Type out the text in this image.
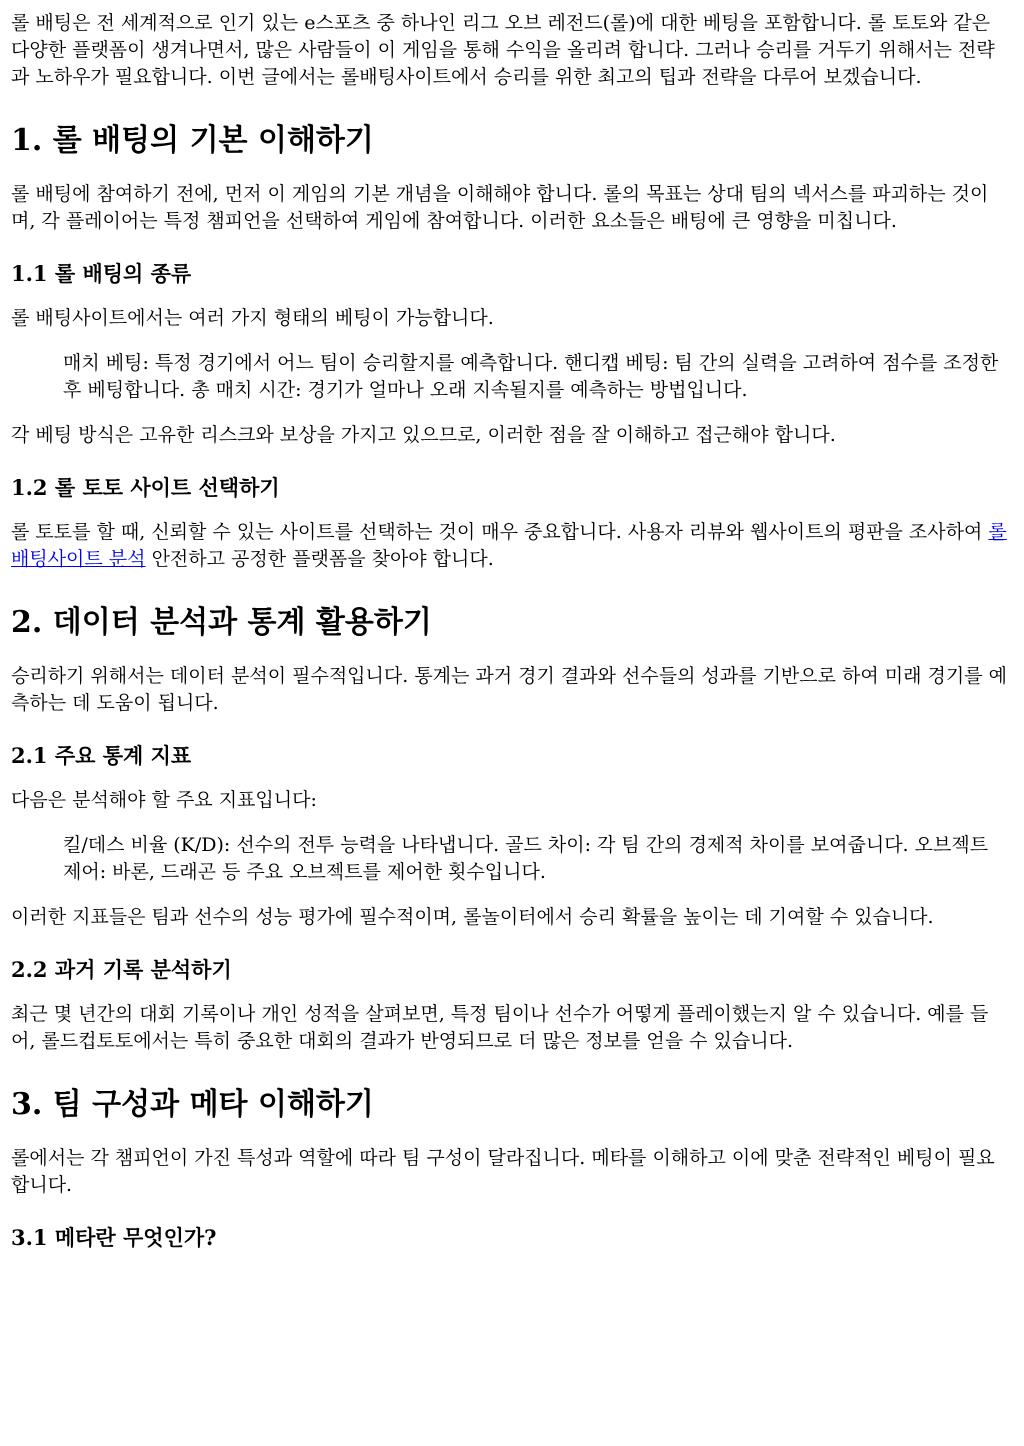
롤 배팅은 전 세계적으로 인기 있는 e스포츠 중 하나인 리그 오브 레전드(롤)에 대한 베팅을 포함합니다. 롤 토토와 같은 다양한 플랫폼이 생겨나면서, 많은 사람들이 이 게임을 통해 수익을 올리려 합니다. 그러나 승리를 거두기 위해서는 전략과 노하우가 필요합니다. 이번 글에서는 롤배팅사이트에서 승리를 위한 최고의 팁과 전략을 다루어 보겠습니다.

1. 롤 배팅의 기본 이해하기

롤 배팅에 참여하기 전에, 먼저 이 게임의 기본 개념을 이해해야 합니다. 롤의 목표는 상대 팀의 넥서스를 파괴하는 것이며, 각 플레이어는 특정 챔피언을 선택하여 게임에 참여합니다. 이러한 요소들은 배팅에 큰 영향을 미칩니다.

1.1 롤 배팅의 종류

롤 배팅사이트에서는 여러 가지 형태의 베팅이 가능합니다.

매치 베팅: 특정 경기에서 어느 팀이 승리할지를 예측합니다. 핸디캡 베팅: 팀 간의 실력을 고려하여 점수를 조정한 후 베팅합니다. 총 매치 시간: 경기가 얼마나 오래 지속될지를 예측하는 방법입니다.

각 베팅 방식은 고유한 리스크와 보상을 가지고 있으므로, 이러한 점을 잘 이해하고 접근해야 합니다.

1.2 롤 토토 사이트 선택하기

롤 토토를 할 때, 신뢰할 수 있는 사이트를 선택하는 것이 매우 중요합니다. 사용자 리뷰와 웹사이트의 평판을 조사하여 롤배팅사이트 분석 안전하고 공정한 플랫폼을 찾아야 합니다.

2. 데이터 분석과 통계 활용하기

승리하기 위해서는 데이터 분석이 필수적입니다. 통계는 과거 경기 결과와 선수들의 성과를 기반으로 하여 미래 경기를 예측하는 데 도움이 됩니다.

2.1 주요 통계 지표

다음은 분석해야 할 주요 지표입니다:

킬/데스 비율 (K/D): 선수의 전투 능력을 나타냅니다. 골드 차이: 각 팀 간의 경제적 차이를 보여줍니다. 오브젝트 제어: 바론, 드래곤 등 주요 오브젝트를 제어한 횟수입니다.

이러한 지표들은 팀과 선수의 성능 평가에 필수적이며, 롤놀이터에서 승리 확률을 높이는 데 기여할 수 있습니다.

2.2 과거 기록 분석하기

최근 몇 년간의 대회 기록이나 개인 성적을 살펴보면, 특정 팀이나 선수가 어떻게 플레이했는지 알 수 있습니다. 예를 들어, 롤드컵토토에서는 특히 중요한 대회의 결과가 반영되므로 더 많은 정보를 얻을 수 있습니다.

3. 팀 구성과 메타 이해하기

롤에서는 각 챔피언이 가진 특성과 역할에 따라 팀 구성이 달라집니다. 메타를 이해하고 이에 맞춘 전략적인 베팅이 필요합니다.

3.1 메타란 무엇인가?
